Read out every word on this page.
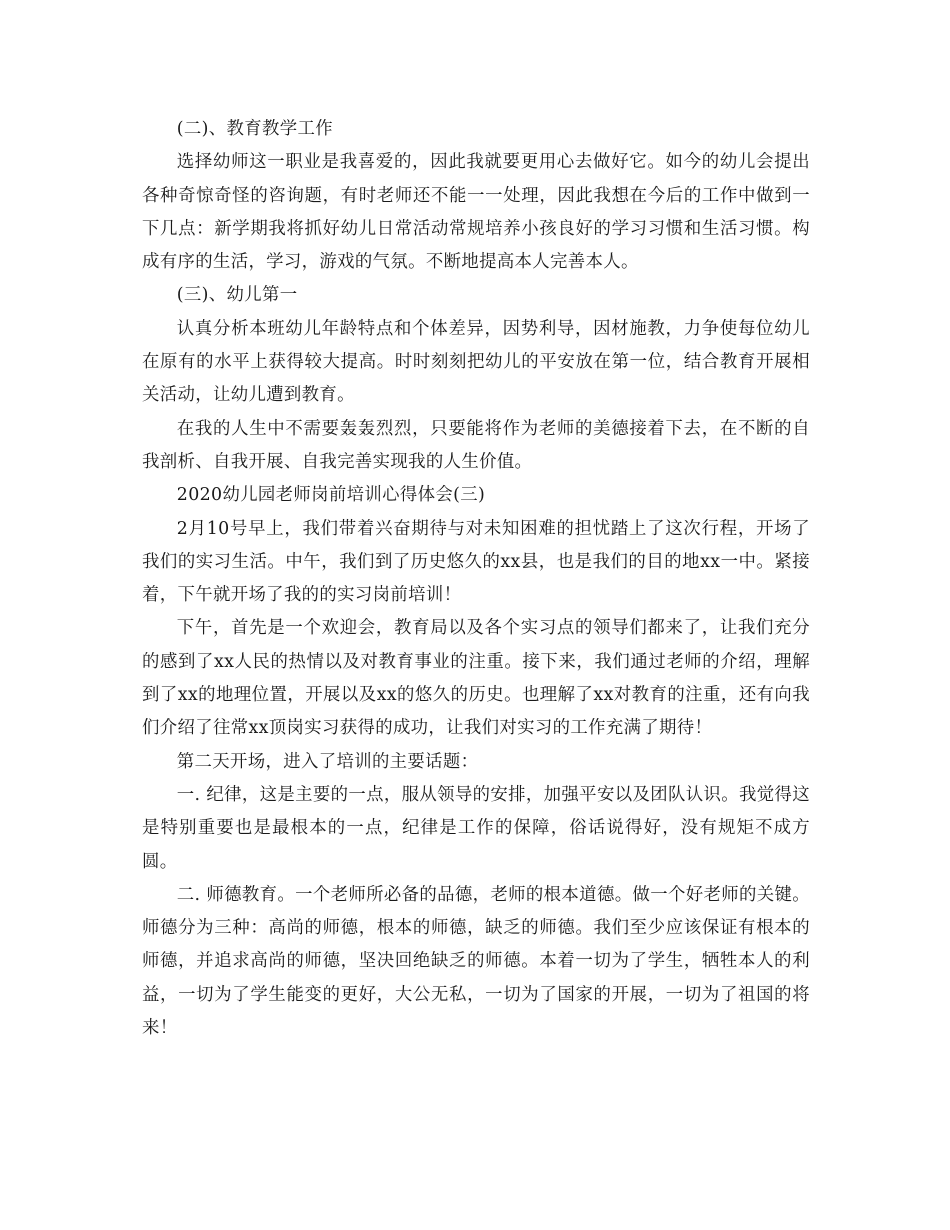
(二)、教育教学工作

选择幼师这一职业是我喜爱的，因此我就要更用心去做好它。如今的幼儿会提出各种奇惊奇怪的咨询题，有时老师还不能一一处理，因此我想在今后的工作中做到一下几点：新学期我将抓好幼儿日常活动常规培养小孩良好的学习习惯和生活习惯。构成有序的生活，学习，游戏的气氛。不断地提高本人完善本人。

(三)、幼儿第一

认真分析本班幼儿年龄特点和个体差异，因势利导，因材施教，力争使每位幼儿在原有的水平上获得较大提高。时时刻刻把幼儿的平安放在第一位，结合教育开展相关活动，让幼儿遭到教育。

在我的人生中不需要轰轰烈烈，只要能将作为老师的美德接着下去，在不断的自我剖析、自我开展、自我完善实现我的人生价值。

2020幼儿园老师岗前培训心得体会(三)

2月10号早上，我们带着兴奋期待与对未知困难的担忧踏上了这次行程，开场了我们的实习生活。中午，我们到了历史悠久的xx县，也是我们的目的地xx一中。紧接着，下午就开场了我的的实习岗前培训！

下午，首先是一个欢迎会，教育局以及各个实习点的领导们都来了，让我们充分的感到了xx人民的热情以及对教育事业的注重。接下来，我们通过老师的介绍，理解到了xx的地理位置，开展以及xx的悠久的历史。也理解了xx对教育的注重，还有向我们介绍了往常xx顶岗实习获得的成功，让我们对实习的工作充满了期待！

第二天开场，进入了培训的主要话题：

一. 纪律，这是主要的一点，服从领导的安排，加强平安以及团队认识。我觉得这是特别重要也是最根本的一点，纪律是工作的保障，俗话说得好，没有规矩不成方圆。

二. 师德教育。一个老师所必备的品德，老师的根本道德。做一个好老师的关键。师德分为三种：高尚的师德，根本的师德，缺乏的师德。我们至少应该保证有根本的师德，并追求高尚的师德，坚决回绝缺乏的师德。本着一切为了学生，牺牲本人的利益，一切为了学生能变的更好，大公无私，一切为了国家的开展，一切为了祖国的将来！
